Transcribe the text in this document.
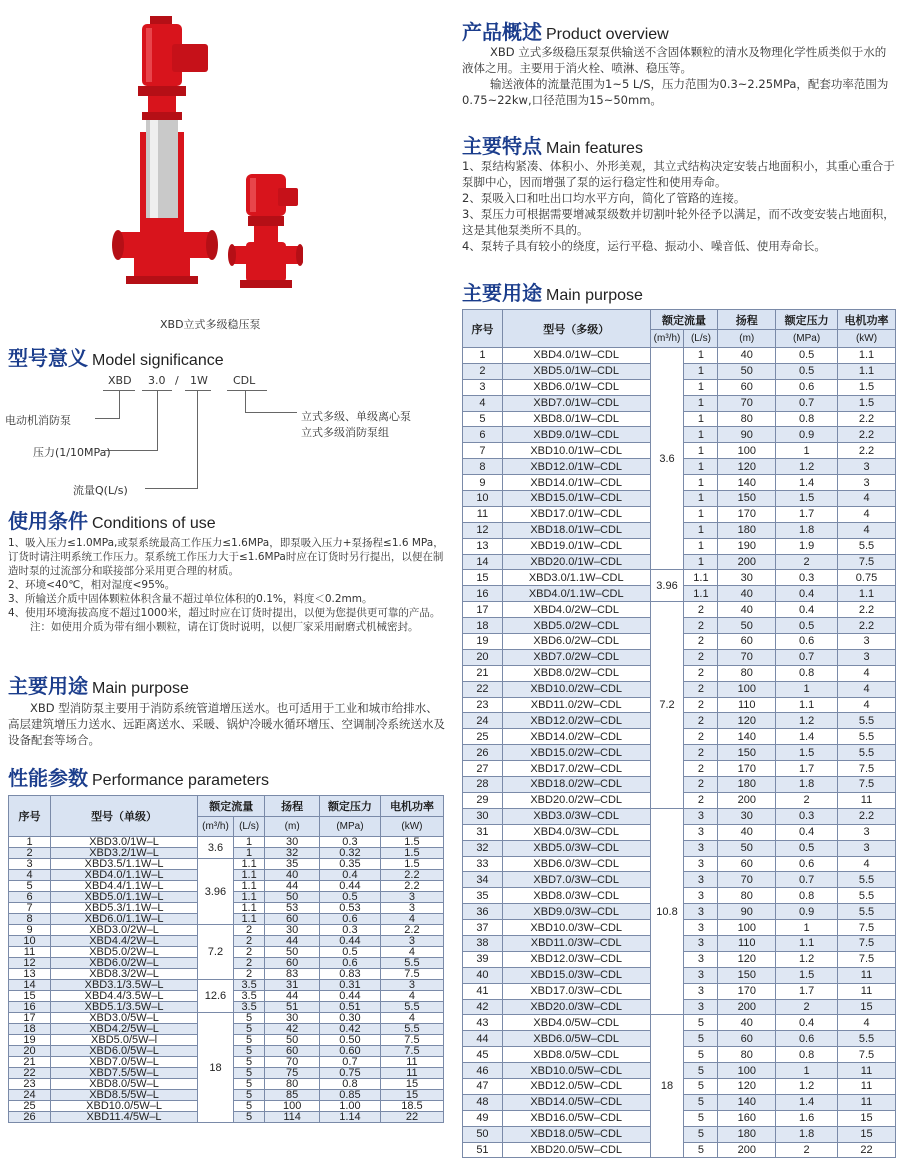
XBD立式多级稳压泵
型号意义 Model significance
XBD 3.0 / 1W CDL
电动机消防泵
压力(1/10MPa)
流量Q(L/s)
立式多级、单级离心泵
立式多级消防泵组
使用条件 Conditions of use

1、吸入压力≤1.0MPa,或泵系统最高工作压力≤1.6MPa，即泵吸入压力+泵扬程≤1.6 MPa，订货时请注明系统工作压力。泵系统工作压力大于≤1.6MPa时应在订货时另行提出，以便在制造时泵的过流部分和联接部分采用更合理的材质。

2、环境<40℃，相对湿度<95%。

3、所输送介质中固体颗粒体积含量不超过单位体积的0.1%，料度＜0.2mm。

4、使用环境海拔高度不超过1000米，超过时应在订货时提出，以便为您提供更可靠的产品。

注：如使用介质为带有细小颗粒，请在订货时说明，以便厂家采用耐磨式机械密封。

主要用途 Main purpose
XBD 型消防泵主要用于消防系统管道增压送水。也可适用于工业和城市给排水、高层建筑增压力送水、远距离送水、采暖、锅炉冷暖水循环增压、空调制冷系统送水及设备配套等场合。
性能参数 Performance parameters
序号	型号（单级）	额定流量		扬程	额定压力	电机功率
		(m³/h)	(L/s)	(m)	(MPa)	(kW)
1	XBD3.0/1W–L	3.6	1	30	0.3	1.5
2	XBD3.2/1W–L		1	32	0.32	1.5
3	XBD3.5/1.1W–L	3.96	1.1	35	0.35	1.5
4	XBD4.0/1.1W–L		1.1	40	0.4	2.2
5	XBD4.4/1.1W–L		1.1	44	0.44	2.2
6	XBD5.0/1.1W–L		1.1	50	0.5	3
7	XBD5.3/1.1W–L		1.1	53	0.53	3
8	XBD6.0/1.1W–L		1.1	60	0.6	4
9	XBD3.0/2W–L	7.2	2	30	0.3	2.2
10	XBD4.4/2W–L		2	44	0.44	3
11	XBD5.0/2W–L		2	50	0.5	4
12	XBD6.0/2W–L		2	60	0.6	5.5
13	XBD8.3/2W–L		2	83	0.83	7.5
14	XBD3.1/3.5W–L	12.6	3.5	31	0.31	3
15	XBD4.4/3.5W–L		3.5	44	0.44	4
16	XBD5.1/3.5W–L		3.5	51	0.51	5.5
17	XBD3.0/5W–L	18	5	30	0.30	4
18	XBD4.2/5W–L		5	42	0.42	5.5
19	XBD5.0/5W–l		5	50	0.50	7.5
20	XBD6.0/5W–L		5	60	0.60	7.5
21	XBD7.0/5W–L		5	70	0.7	11
22	XBD7.5/5W–L		5	75	0.75	11
23	XBD8.0/5W–L		5	80	0.8	15
24	XBD8.5/5W–L		5	85	0.85	15
25	XBD10.0/5W–L		5	100	1.00	18.5
26	XBD11.4/5W–L		5	114	1.14	22
产品概述 Product overview

XBD 立式多级稳压泵泵供输送不含固体颗粒的清水及物理化学性质类似于水的液体之用。主要用于消火栓、喷淋、稳压等。

输送液体的流量范围为1~5 L/S，压力范围为0.3~2.25MPa，配套功率范围为0.75~22kw,口径范围为15~50mm。

主要特点 Main features

1、泵结构紧凑、体积小、外形美观，其立式结构决定安装占地面积小，其重心重合于泵脚中心，因而增强了泵的运行稳定性和使用寿命。

2、泵吸入口和吐出口均水平方向，简化了管路的连接。

3、泵压力可根据需要增减泵级数并切割叶轮外径予以满足，而不改变安装占地面积，这是其他泵类所不具的。

4、泵转子具有较小的绕度，运行平稳、振动小、噪音低、使用寿命长。

主要用途 Main purpose
序号	型号（多级）	额定流量		扬程	额定压力	电机功率
		(m³/h)	(L/s)	(m)	(MPa)	(kW)
1	XBD4.0/1W–CDL	3.6	1	40	0.5	1.1
2	XBD5.0/1W–CDL		1	50	0.5	1.1
3	XBD6.0/1W–CDL		1	60	0.6	1.5
4	XBD7.0/1W–CDL		1	70	0.7	1.5
5	XBD8.0/1W–CDL		1	80	0.8	2.2
6	XBD9.0/1W–CDL		1	90	0.9	2.2
7	XBD10.0/1W–CDL		1	100	1	2.2
8	XBD12.0/1W–CDL		1	120	1.2	3
9	XBD14.0/1W–CDL		1	140	1.4	3
10	XBD15.0/1W–CDL		1	150	1.5	4
11	XBD17.0/1W–CDL		1	170	1.7	4
12	XBD18.0/1W–CDL		1	180	1.8	4
13	XBD19.0/1W–CDL		1	190	1.9	5.5
14	XBD20.0/1W–CDL		1	200	2	7.5
15	XBD3.0/1.1W–CDL	3.96	1.1	30	0.3	0.75
16	XBD4.0/1.1W–CDL		1.1	40	0.4	1.1
17	XBD4.0/2W–CDL	7.2	2	40	0.4	2.2
18	XBD5.0/2W–CDL		2	50	0.5	2.2
19	XBD6.0/2W–CDL		2	60	0.6	3
20	XBD7.0/2W–CDL		2	70	0.7	3
21	XBD8.0/2W–CDL		2	80	0.8	4
22	XBD10.0/2W–CDL		2	100	1	4
23	XBD11.0/2W–CDL		2	110	1.1	4
24	XBD12.0/2W–CDL		2	120	1.2	5.5
25	XBD14.0/2W–CDL		2	140	1.4	5.5
26	XBD15.0/2W–CDL		2	150	1.5	5.5
27	XBD17.0/2W–CDL		2	170	1.7	7.5
28	XBD18.0/2W–CDL		2	180	1.8	7.5
29	XBD20.0/2W–CDL		2	200	2	11
30	XBD3.0/3W–CDL	10.8	3	30	0.3	2.2
31	XBD4.0/3W–CDL		3	40	0.4	3
32	XBD5.0/3W–CDL		3	50	0.5	3
33	XBD6.0/3W–CDL		3	60	0.6	4
34	XBD7.0/3W–CDL		3	70	0.7	5.5
35	XBD8.0/3W–CDL		3	80	0.8	5.5
36	XBD9.0/3W–CDL		3	90	0.9	5.5
37	XBD10.0/3W–CDL		3	100	1	7.5
38	XBD11.0/3W–CDL		3	110	1.1	7.5
39	XBD12.0/3W–CDL		3	120	1.2	7.5
40	XBD15.0/3W–CDL		3	150	1.5	11
41	XBD17.0/3W–CDL		3	170	1.7	11
42	XBD20.0/3W–CDL		3	200	2	15
43	XBD4.0/5W–CDL	18	5	40	0.4	4
44	XBD6.0/5W–CDL		5	60	0.6	5.5
45	XBD8.0/5W–CDL		5	80	0.8	7.5
46	XBD10.0/5W–CDL		5	100	1	11
47	XBD12.0/5W–CDL		5	120	1.2	11
48	XBD14.0/5W–CDL		5	140	1.4	11
49	XBD16.0/5W–CDL		5	160	1.6	15
50	XBD18.0/5W–CDL		5	180	1.8	15
51	XBD20.0/5W–CDL		5	200	2	22
